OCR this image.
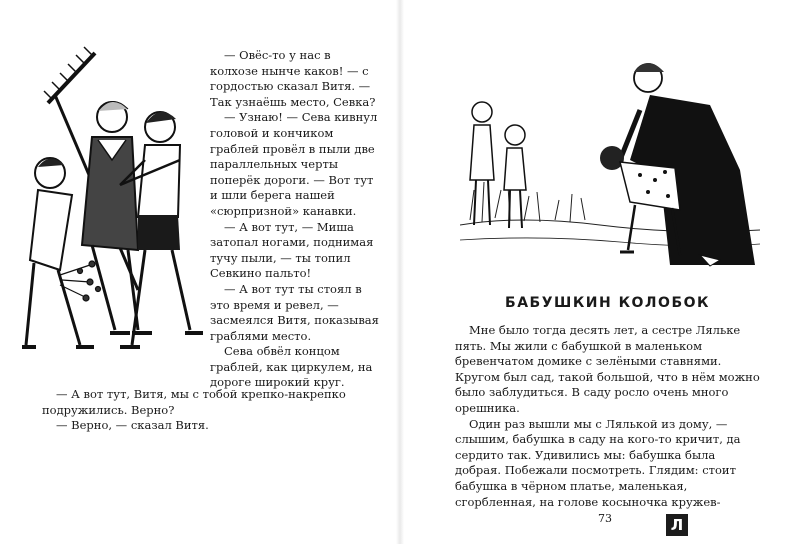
— Овёс-то у нас в колхозе нынче каков! — с гордостью сказал Витя. — Так узнаёшь место, Севка?

— Узнаю! — Сева кивнул головой и кончиком граблей провёл в пыли две параллельных черты поперёк дороги. — Вот тут и шли берега нашей «сюрпризной» канавки.

— А вот тут, — Миша затопал ногами, поднимая тучу пыли, — ты топил Севкино пальто!

— А вот тут ты стоял в это время и ревел, — засмеялся Витя, показывая граблями место.

Сева обвёл концом граблей, как циркулем, на дороге широкий круг.

— А вот тут, Витя, мы с тобой крепко-накрепко подружились. Верно?

— Верно, — сказал Витя.

БАБУШКИН КОЛОБОК

Мне было тогда десять лет, а сестре Ляльке пять. Мы жили с бабушкой в маленьком бревенчатом домике с зелёными ставнями. Кругом был сад, такой большой, что в нём можно было заблудиться. В саду росло очень много орешника.

Один раз вышли мы с Лялькой из дому, — слышим, бабушка в саду на кого-то кричит, да сердито так. Удивились мы: бабушка была добрая. Побежали посмотреть. Глядим: стоит бабушка в чёрном платье, маленькая, сгорбленная, на голове косыночка кружев-

73	Л
